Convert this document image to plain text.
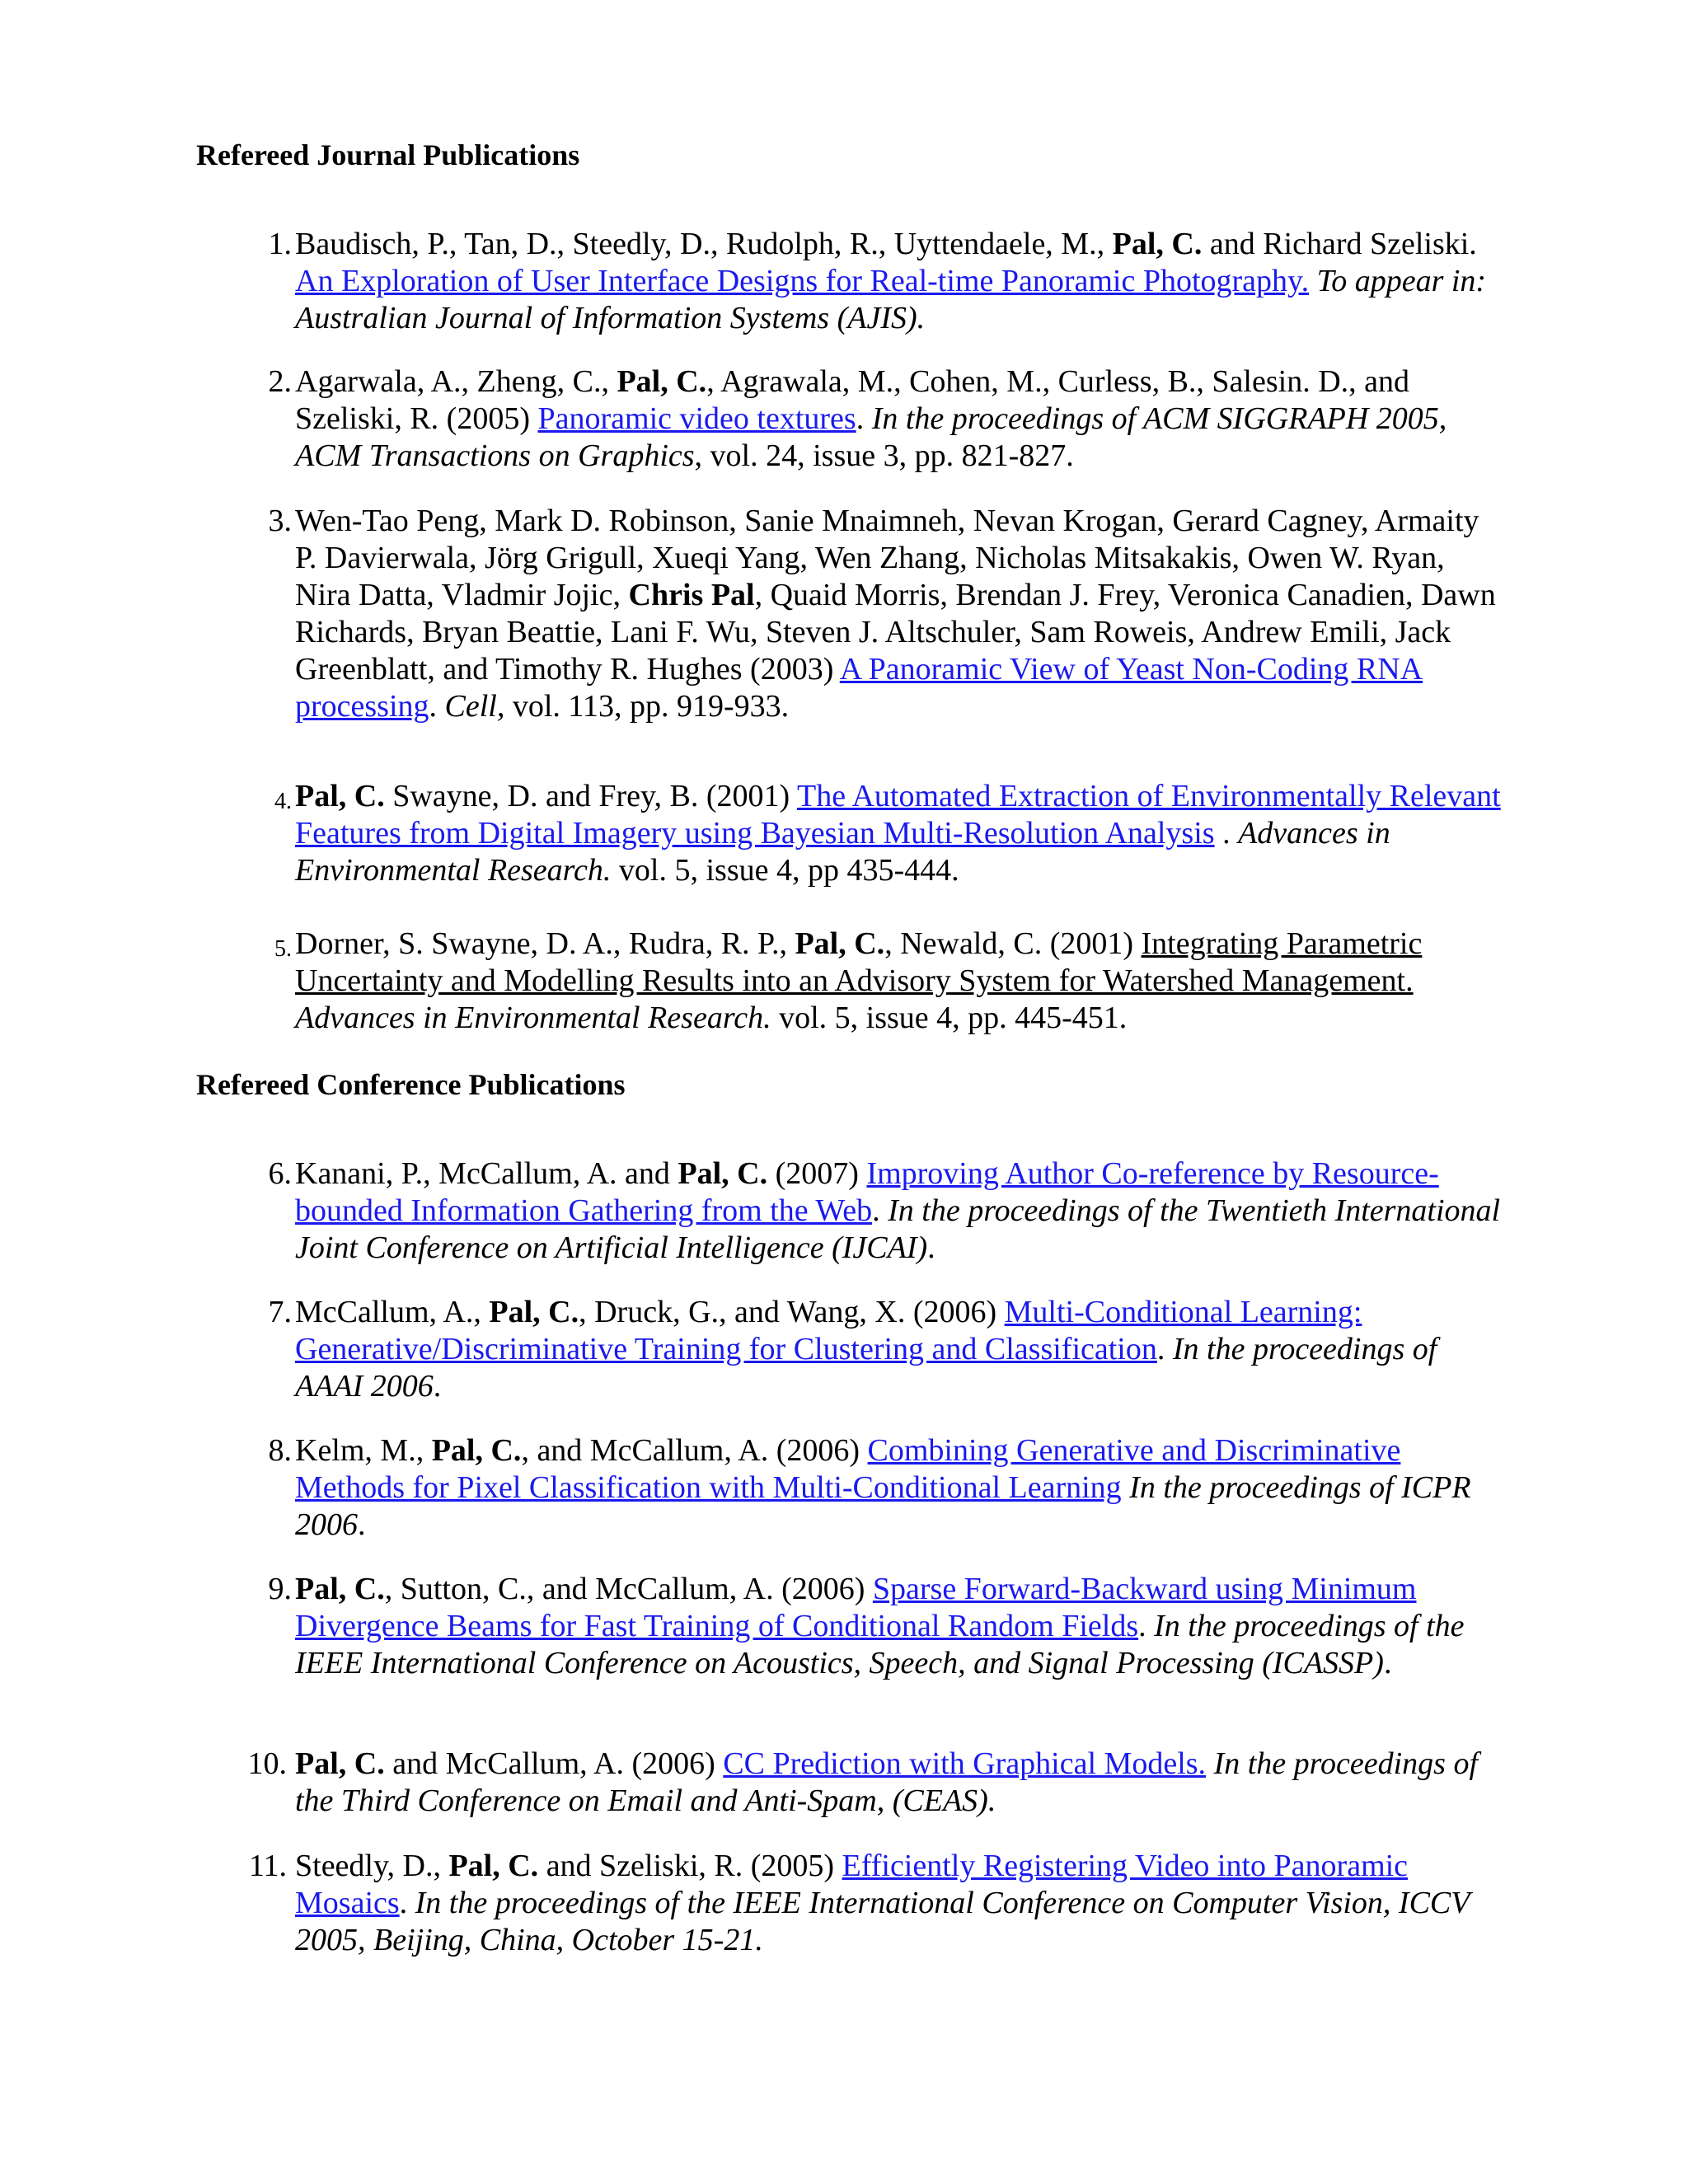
Refereed Journal Publications
1. Baudisch, P., Tan, D., Steedly, D., Rudolph, R., Uyttendaele, M., Pal, C. and Richard Szeliski. An Exploration of User Interface Designs for Real-time Panoramic Photography. To appear in: Australian Journal of Information Systems (AJIS).
2. Agarwala, A., Zheng, C., Pal, C., Agrawala, M., Cohen, M., Curless, B., Salesin. D., and Szeliski, R. (2005) Panoramic video textures. In the proceedings of ACM SIGGRAPH 2005, ACM Transactions on Graphics, vol. 24, issue 3, pp. 821-827.
3. Wen-Tao Peng, Mark D. Robinson, Sanie Mnaimneh, Nevan Krogan, Gerard Cagney, Armaity P. Davierwala, Jörg Grigull, Xueqi Yang, Wen Zhang, Nicholas Mitsakakis, Owen W. Ryan, Nira Datta, Vladmir Jojic, Chris Pal, Quaid Morris, Brendan J. Frey, Veronica Canadien, Dawn Richards, Bryan Beattie, Lani F. Wu, Steven J. Altschuler, Sam Roweis, Andrew Emili, Jack Greenblatt, and Timothy R. Hughes (2003) A Panoramic View of Yeast Non-Coding RNA processing. Cell, vol. 113, pp. 919-933.
4. Pal, C. Swayne, D. and Frey, B. (2001) The Automated Extraction of Environmentally Relevant Features from Digital Imagery using Bayesian Multi-Resolution Analysis . Advances in Environmental Research. vol. 5, issue 4, pp 435-444.
5. Dorner, S. Swayne, D. A., Rudra, R. P., Pal, C., Newald, C. (2001) Integrating Parametric Uncertainty and Modelling Results into an Advisory System for Watershed Management. Advances in Environmental Research. vol. 5, issue 4, pp. 445-451.
Refereed Conference Publications
6. Kanani, P., McCallum, A. and Pal, C. (2007) Improving Author Co-reference by Resource-bounded Information Gathering from the Web. In the proceedings of the Twentieth International Joint Conference on Artificial Intelligence (IJCAI).
7. McCallum, A., Pal, C., Druck, G., and Wang, X. (2006) Multi-Conditional Learning: Generative/Discriminative Training for Clustering and Classification. In the proceedings of AAAI 2006.
8. Kelm, M., Pal, C., and McCallum, A. (2006) Combining Generative and Discriminative Methods for Pixel Classification with Multi-Conditional Learning In the proceedings of ICPR 2006.
9. Pal, C., Sutton, C., and McCallum, A. (2006) Sparse Forward-Backward using Minimum Divergence Beams for Fast Training of Conditional Random Fields. In the proceedings of the IEEE International Conference on Acoustics, Speech, and Signal Processing (ICASSP).
10. Pal, C. and McCallum, A. (2006) CC Prediction with Graphical Models. In the proceedings of the Third Conference on Email and Anti-Spam, (CEAS).
11. Steedly, D., Pal, C. and Szeliski, R. (2005) Efficiently Registering Video into Panoramic Mosaics. In the proceedings of the IEEE International Conference on Computer Vision, ICCV 2005, Beijing, China, October 15-21.
